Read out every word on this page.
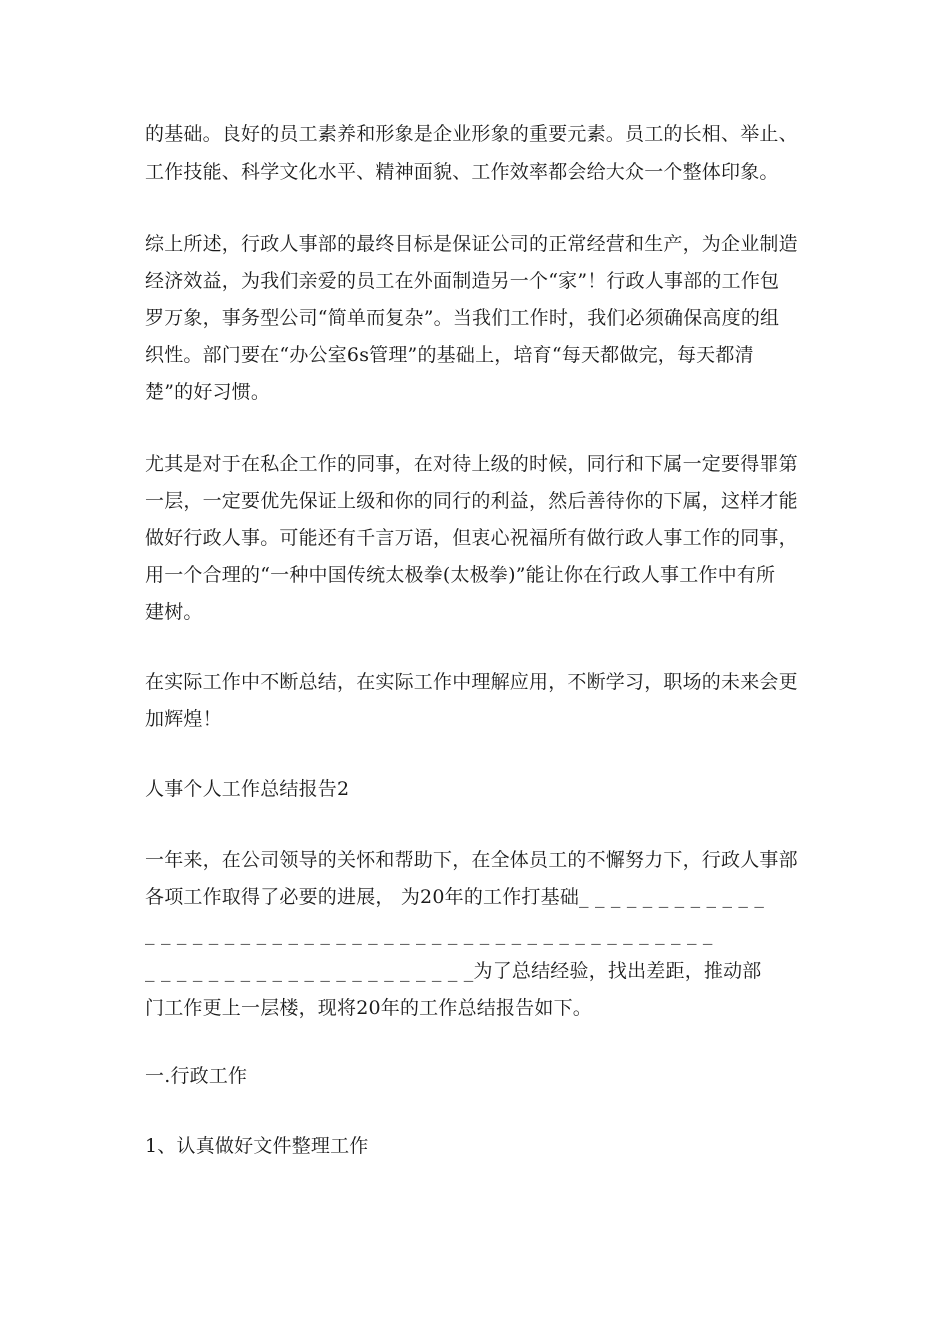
的基础。良好的员工素养和形象是企业形象的重要元素。员工的长相、举止、
工作技能、科学文化水平、精神面貌、工作效率都会给大众一个整体印象。
综上所述，行政人事部的最终目标是保证公司的正常经营和生产，为企业制造
经济效益，为我们亲爱的员工在外面制造另一个“家”！行政人事部的工作包
罗万象，事务型公司“简单而复杂”。当我们工作时，我们必须确保高度的组
织性。部门要在“办公室6s管理”的基础上，培育“每天都做完，每天都清
楚”的好习惯。
尤其是对于在私企工作的同事，在对待上级的时候，同行和下属一定要得罪第
一层，一定要优先保证上级和你的同行的利益，然后善待你的下属，这样才能
做好行政人事。可能还有千言万语，但衷心祝福所有做行政人事工作的同事，
用一个合理的“一种中国传统太极拳(太极拳)”能让你在行政人事工作中有所
建树。
在实际工作中不断总结，在实际工作中理解应用，不断学习，职场的未来会更
加辉煌！
人事个人工作总结报告2
一年来，在公司领导的关怀和帮助下，在全体员工的不懈努力下，行政人事部
各项工作取得了必要的进展， 为20年的工作打基础_ _ _ _ _ _ _ _ _ _ _ _
_ _ _ _ _ _ _ _ _ _ _ _ _ _ _ _ _ _ _ _ _ _ _ _ _ _ _ _ _ _ _ _ _ _ _ _
_ _ _ _ _ _ _ _ _ _ _ _ _ _ _ _ _ _ _ _ _为了总结经验，找出差距，推动部
门工作更上一层楼，现将20年的工作总结报告如下。
一.行政工作
1、认真做好文件整理工作
